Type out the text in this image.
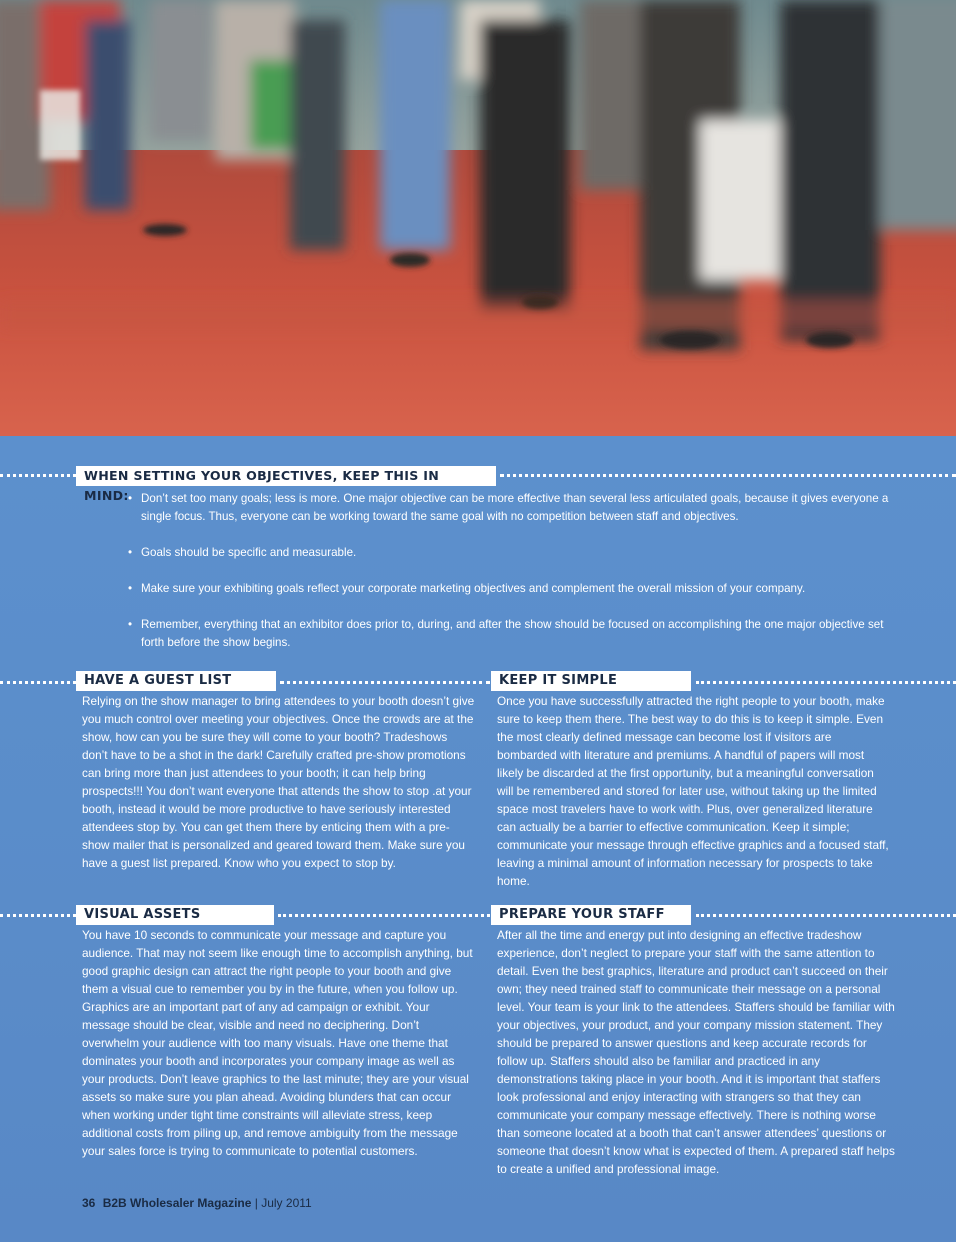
WHEN SETTING YOUR OBJECTIVES, KEEP THIS IN MIND: • Don’t set too many goals; less is more. One major objective can be more effective than several less articulated goals, because it gives everyone a single focus. Thus, everyone can be working toward the same goal with no competition between staff and objectives.
• Goals should be specific and measurable.
• Make sure your exhibiting goals reflect your corporate marketing objectives and complement the overall mission of your company.
• Remember, everything that an exhibitor does prior to, during, and after the show should be focused on accomplishing the one major objective set forth before the show begins.
HAVE A GUEST LIST	KEEP IT SIMPLE

Relying on the show manager to bring attendees to your booth doesn’t give you much control over meeting your objectives. Once the crowds are at the show, how can you be sure they will come to your booth? Tradeshows don’t have to be a shot in the dark! Carefully crafted pre-show promotions can bring more than just attendees to your booth; it can help bring prospects!!! You don’t want everyone that attends the show to stop .at your booth, instead it would be more productive to have seriously interested attendees stop by. You can get them there by enticing them with a pre-show mailer that is personalized and geared toward them. Make sure you have a guest list prepared. Know who you expect to stop by.

Once you have successfully attracted the right people to your booth, make sure to keep them there. The best way to do this is to keep it simple. Even the most clearly defined message can become lost if visitors are bombarded with literature and premiums. A handful of papers will most likely be discarded at the first opportunity, but a meaningful conversation will be remembered and stored for later use, without taking up the limited space most travelers have to work with. Plus, over generalized literature can actually be a barrier to effective communication. Keep it simple; communicate your message through effective graphics and a focused staff, leaving a minimal amount of information necessary for prospects to take home.

VISUAL ASSETS	PREPARE YOUR STAFF

You have 10 seconds to communicate your message and capture you audience. That may not seem like enough time to accomplish anything, but good graphic design can attract the right people to your booth and give them a visual cue to remember you by in the future, when you follow up. Graphics are an important part of any ad campaign or exhibit. Your message should be clear, visible and need no deciphering. Don’t overwhelm your audience with too many visuals. Have one theme that dominates your booth and incorporates your company image as well as your products. Don’t leave graphics to the last minute; they are your visual assets so make sure you plan ahead. Avoiding blunders that can occur when working under tight time constraints will alleviate stress, keep additional costs from piling up, and remove ambiguity from the message your sales force is trying to communicate to potential customers.

After all the time and energy put into designing an effective tradeshow experience, don’t neglect to prepare your staff with the same attention to detail. Even the best graphics, literature and product can’t succeed on their own; they need trained staff to communicate their message on a personal level. Your team is your link to the attendees. Staffers should be familiar with your objectives, your product, and your company mission statement. They should be prepared to answer questions and keep accurate records for follow up. Staffers should also be familiar and practiced in any demonstrations taking place in your booth. And it is important that staffers look professional and enjoy interacting with strangers so that they can communicate your company message effectively. There is nothing worse than someone located at a booth that can’t answer attendees’ questions or someone that doesn’t know what is expected of them. A prepared staff helps to create a unified and professional image.

36 B2B Wholesaler Magazine | July 2011
